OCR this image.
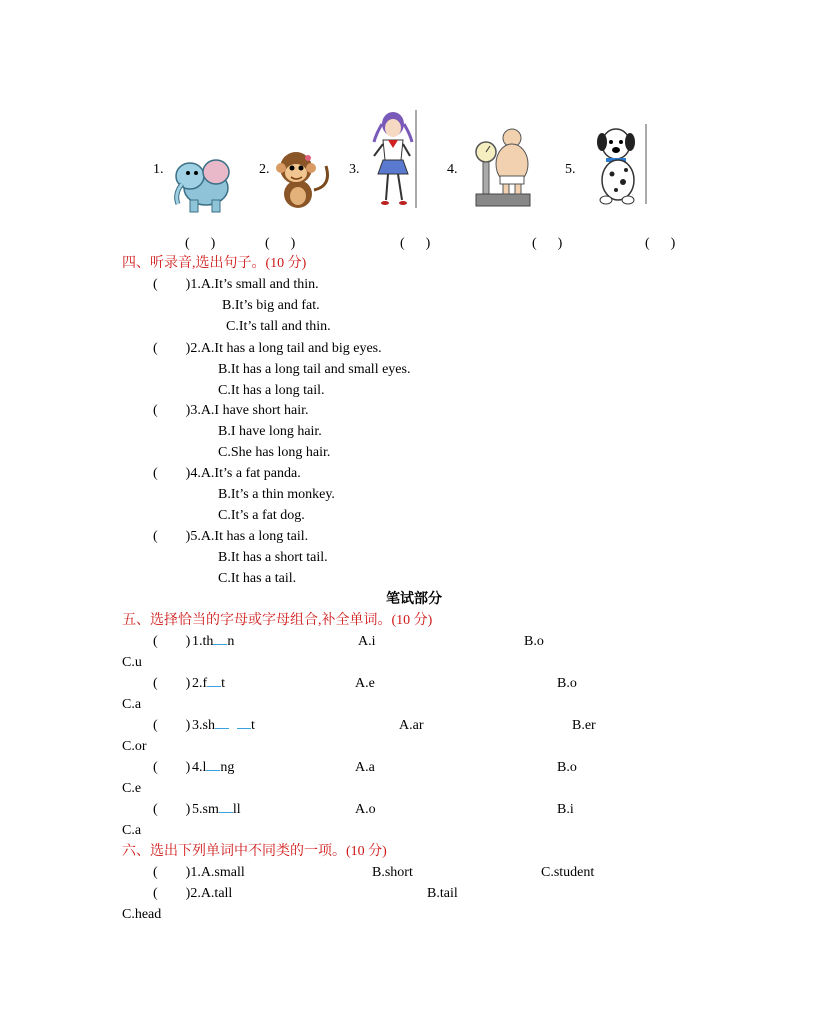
1.	2.	3.	4.	5.
(      )	(      )	(      )	(      )	(      )
四、听录音,选出句子。(10 分)
(        )1.A.It’s small and thin.
B.It’s big and fat.
C.It’s tall and thin.
(        )2.A.It has a long tail and big eyes.
B.It has a long tail and small eyes.
C.It has a long tail.
(        )3.A.I have short hair.
B.I have long hair.
C.She has long hair.
(        )4.A.It’s a fat panda.
B.It’s a thin monkey.
C.It’s a fat dog.
(        )5.A.It has a long tail.
B.It has a short tail.
C.It has a tail.
笔试部分
五、选择恰当的字母或字母组合,补全单词。(10 分)
(        ) 1.th n	A.i	B.o
C.u
(        ) 2.f t	A.e	B.o
C.a
(        ) 3.sh	t	A.ar	B.er
C.or
(        ) 4.l ng	A.a	B.o
C.e
(        ) 5.sm ll	A.o	B.i
C.a
六、选出下列单词中不同类的一项。(10 分)
(        )1.A.small	B.short	C.student
(        )2.A.tall	B.tail
C.head
